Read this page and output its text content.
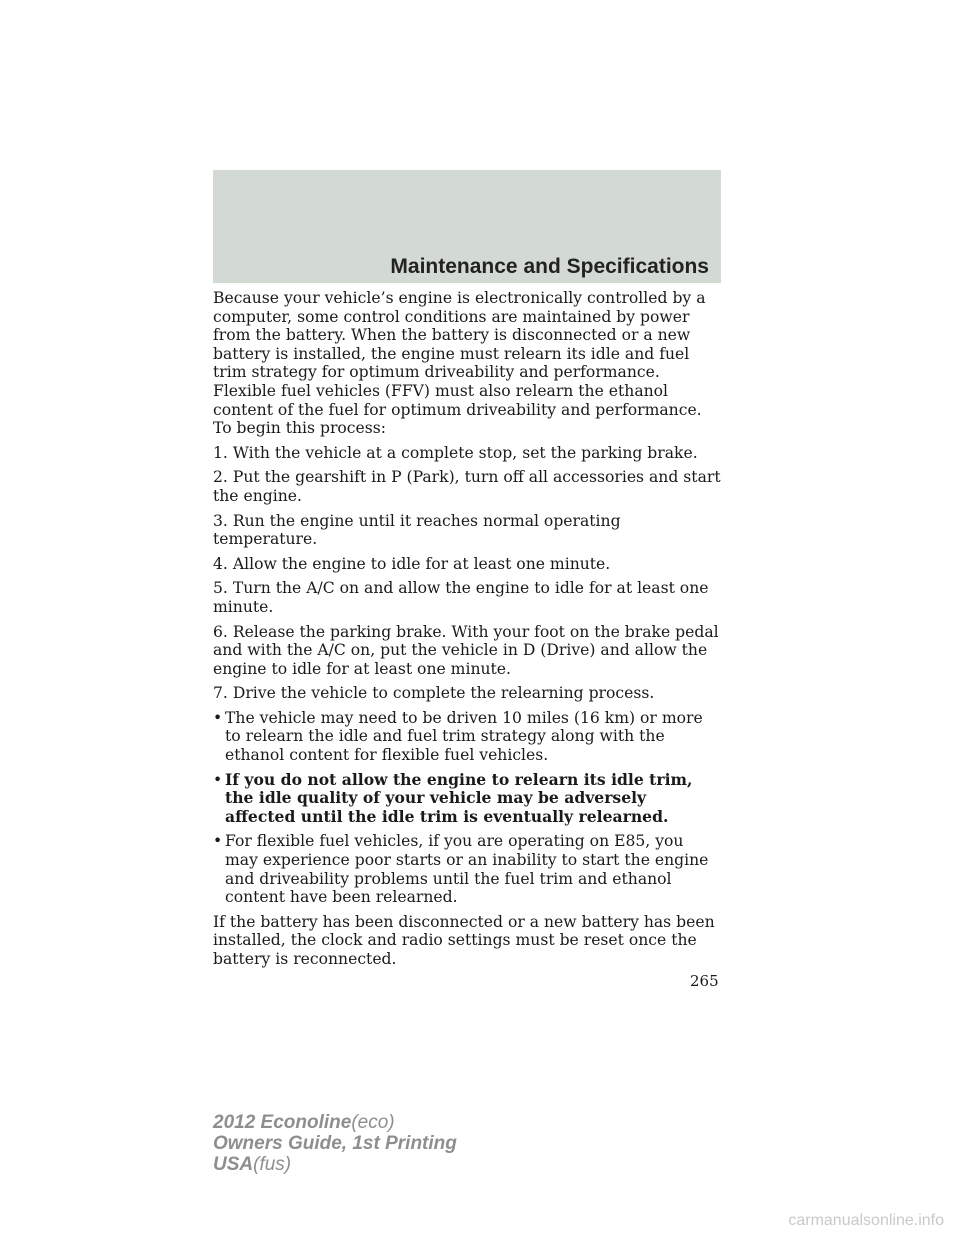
Maintenance and Specifications

Because your vehicle’s engine is electronically controlled by a computer, some control conditions are maintained by power from the battery. When the battery is disconnected or a new battery is installed, the engine must relearn its idle and fuel trim strategy for optimum driveability and performance. Flexible fuel vehicles (FFV) must also relearn the ethanol content of the fuel for optimum driveability and performance. To begin this process:

1. With the vehicle at a complete stop, set the parking brake.

2. Put the gearshift in P (Park), turn off all accessories and start the engine.

3. Run the engine until it reaches normal operating temperature.

4. Allow the engine to idle for at least one minute.

5. Turn the A/C on and allow the engine to idle for at least one minute.

6. Release the parking brake. With your foot on the brake pedal and with the A/C on, put the vehicle in D (Drive) and allow the engine to idle for at least one minute.

7. Drive the vehicle to complete the relearning process.

• The vehicle may need to be driven 10 miles (16 km) or more to relearn the idle and fuel trim strategy along with the ethanol content for flexible fuel vehicles.
• If you do not allow the engine to relearn its idle trim, the idle quality of your vehicle may be adversely affected until the idle trim is eventually relearned.
• For flexible fuel vehicles, if you are operating on E85, you may experience poor starts or an inability to start the engine and driveability problems until the fuel trim and ethanol content have been relearned.

If the battery has been disconnected or a new battery has been installed, the clock and radio settings must be reset once the battery is reconnected.

265
2012 Econoline(eco)
Owners Guide, 1st Printing
USA(fus)
carmanualsonline.info
